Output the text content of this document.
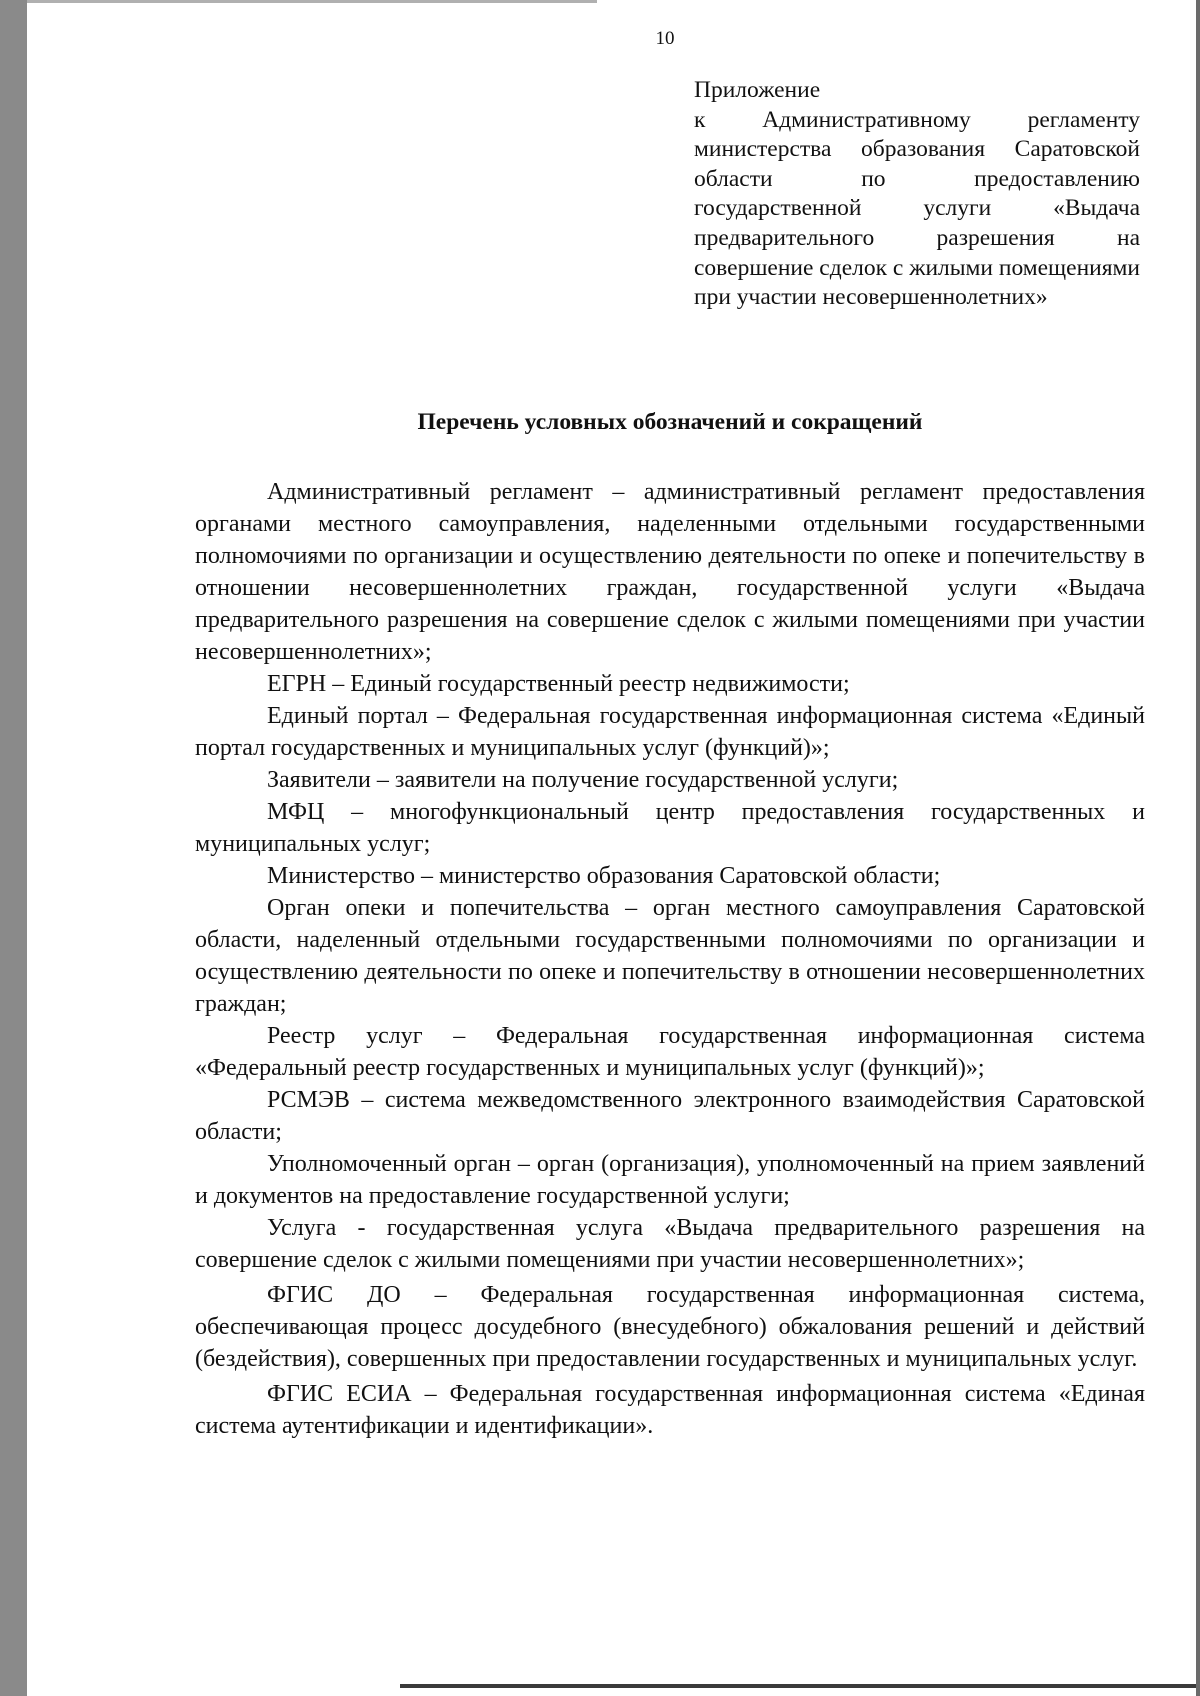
10
Приложение
к Административному регламенту министерства образования Саратовской области по предоставлению государственной услуги «Выдача предварительного разрешения на совершение сделок с жилыми помещениями при участии несовершеннолетних»
Перечень условных обозначений и сокращений

Административный регламент – административный регламент предоставления органами местного самоуправления, наделенными отдельными государственными полномочиями по организации и осуществлению деятельности по опеке и попечительству в отношении несовершеннолетних граждан, государственной услуги «Выдача предварительного разрешения на совершение сделок с жилыми помещениями при участии несовершеннолетних»;

ЕГРН – Единый государственный реестр недвижимости;

Единый портал – Федеральная государственная информационная система «Единый портал государственных и муниципальных услуг (функций)»;

Заявители – заявители на получение государственной услуги;

МФЦ – многофункциональный центр предоставления государственных и муниципальных услуг;

Министерство – министерство образования Саратовской области;

Орган опеки и попечительства – орган местного самоуправления Саратовской области, наделенный отдельными государственными полномочиями по организации и осуществлению деятельности по опеке и попечительству в отношении несовершеннолетних граждан;

Реестр услуг – Федеральная государственная информационная система «Федеральный реестр государственных и муниципальных услуг (функций)»;

РСМЭВ – система межведомственного электронного взаимодействия Саратовской области;

Уполномоченный орган – орган (организация), уполномоченный на прием заявлений и документов на предоставление государственной услуги;

Услуга - государственная услуга «Выдача предварительного разрешения на совершение сделок с жилыми помещениями при участии несовершеннолетних»;

ФГИС ДО – Федеральная государственная информационная система, обеспечивающая процесс досудебного (внесудебного) обжалования решений и действий (бездействия), совершенных при предоставлении государственных и муниципальных услуг.

ФГИС ЕСИА – Федеральная государственная информационная система «Единая система аутентификации и идентификации».
